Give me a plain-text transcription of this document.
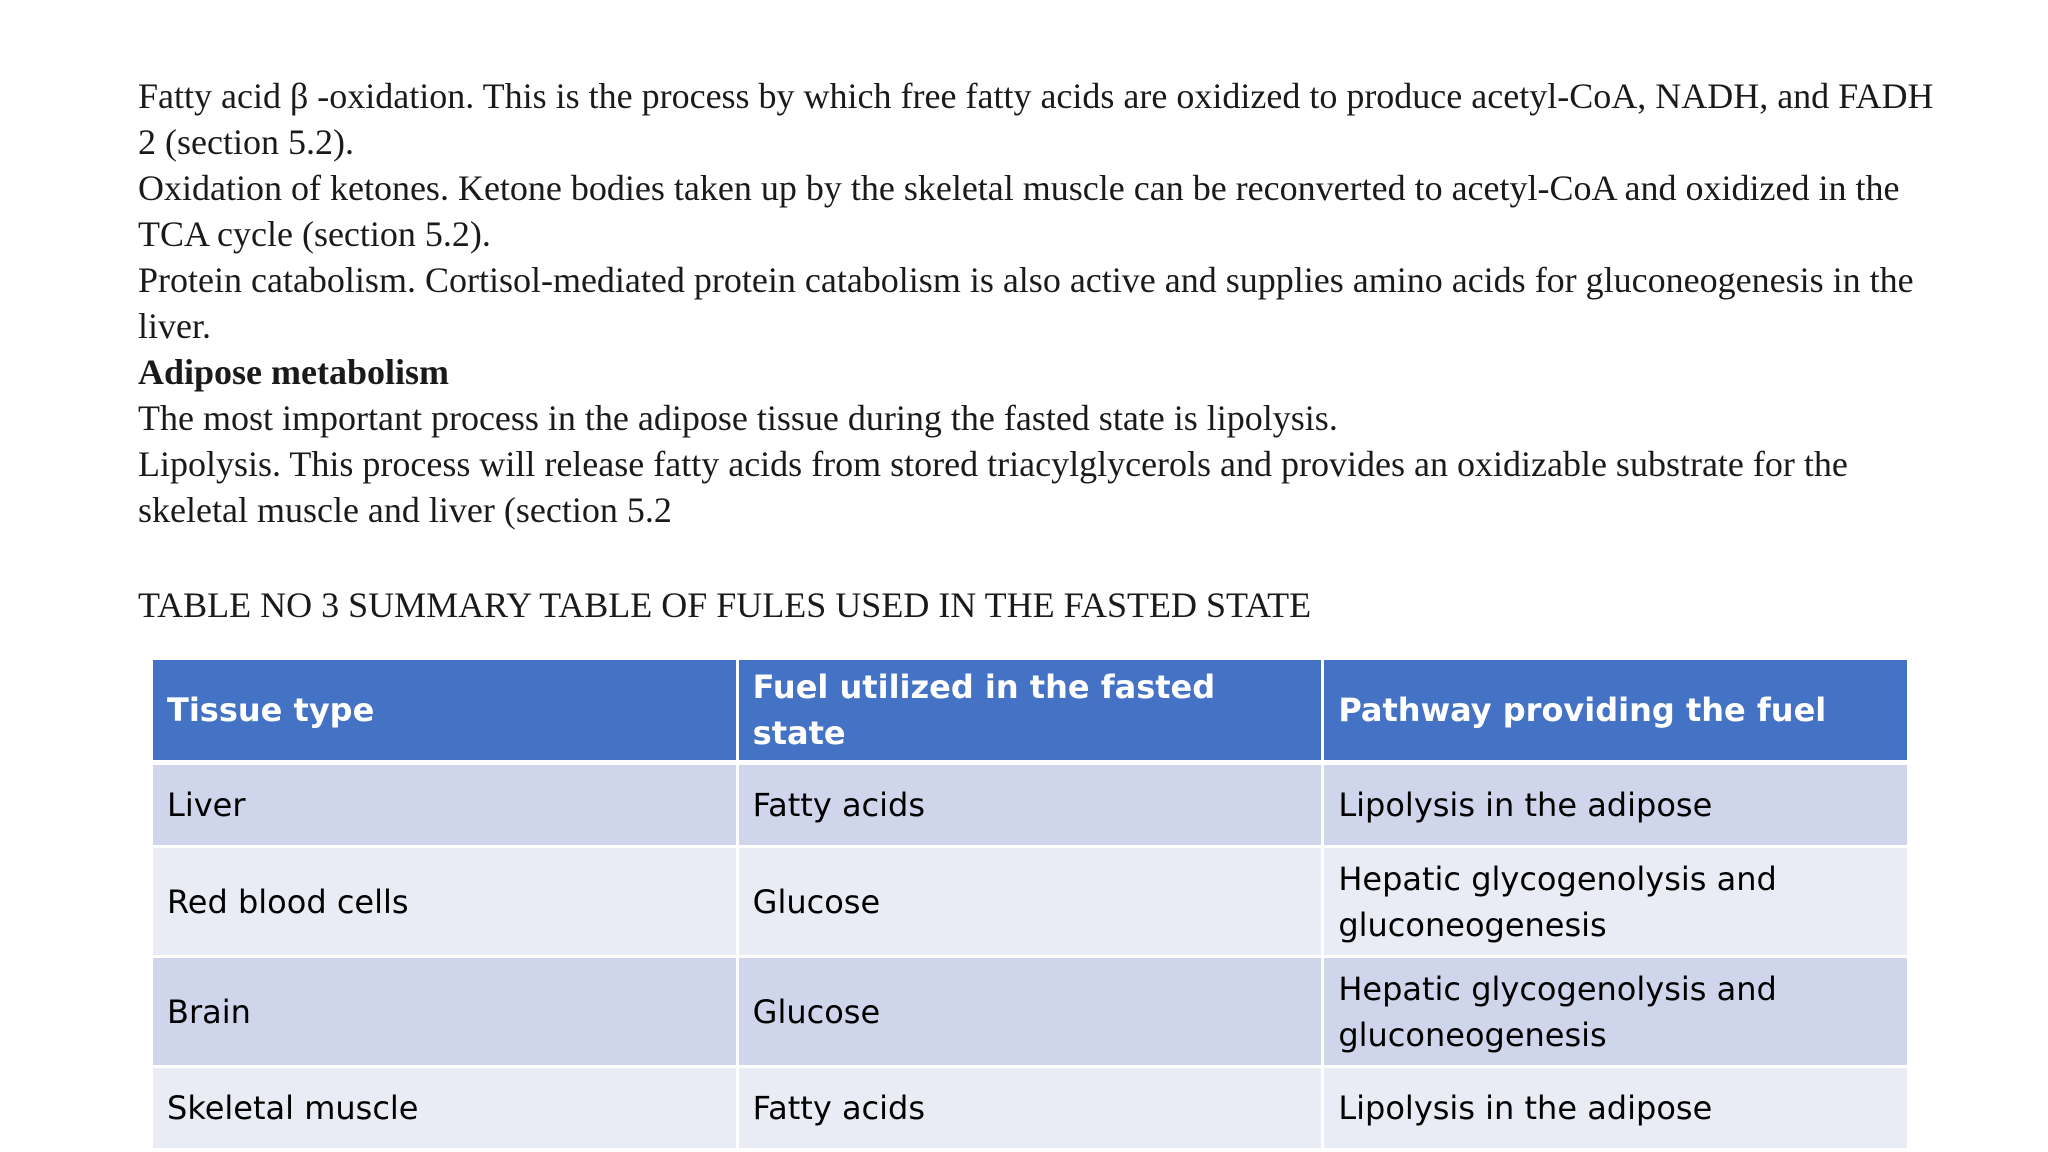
Fatty acid β -oxidation. This is the process by which free fatty acids are oxidized to produce acetyl-CoA, NADH, and FADH 2 (section 5.2).

Oxidation of ketones. Ketone bodies taken up by the skeletal muscle can be reconverted to acetyl-CoA and oxidized in the TCA cycle (section 5.2).

Protein catabolism. Cortisol-mediated protein catabolism is also active and supplies amino acids for gluconeogenesis in the liver.

Adipose metabolism

The most important process in the adipose tissue during the fasted state is lipolysis.

Lipolysis. This process will release fatty acids from stored triacylglycerols and provides an oxidizable substrate for the skeletal muscle and liver (section 5.2

TABLE NO 3 SUMMARY TABLE OF FULES USED IN THE FASTED STATE

Tissue type	Fuel utilized in the fasted state	Pathway providing the fuel
Liver	Fatty acids	Lipolysis in the adipose
Red blood cells	Glucose	Hepatic glycogenolysis and gluconeogenesis
Brain	Glucose	Hepatic glycogenolysis and gluconeogenesis
Skeletal muscle	Fatty acids	Lipolysis in the adipose
